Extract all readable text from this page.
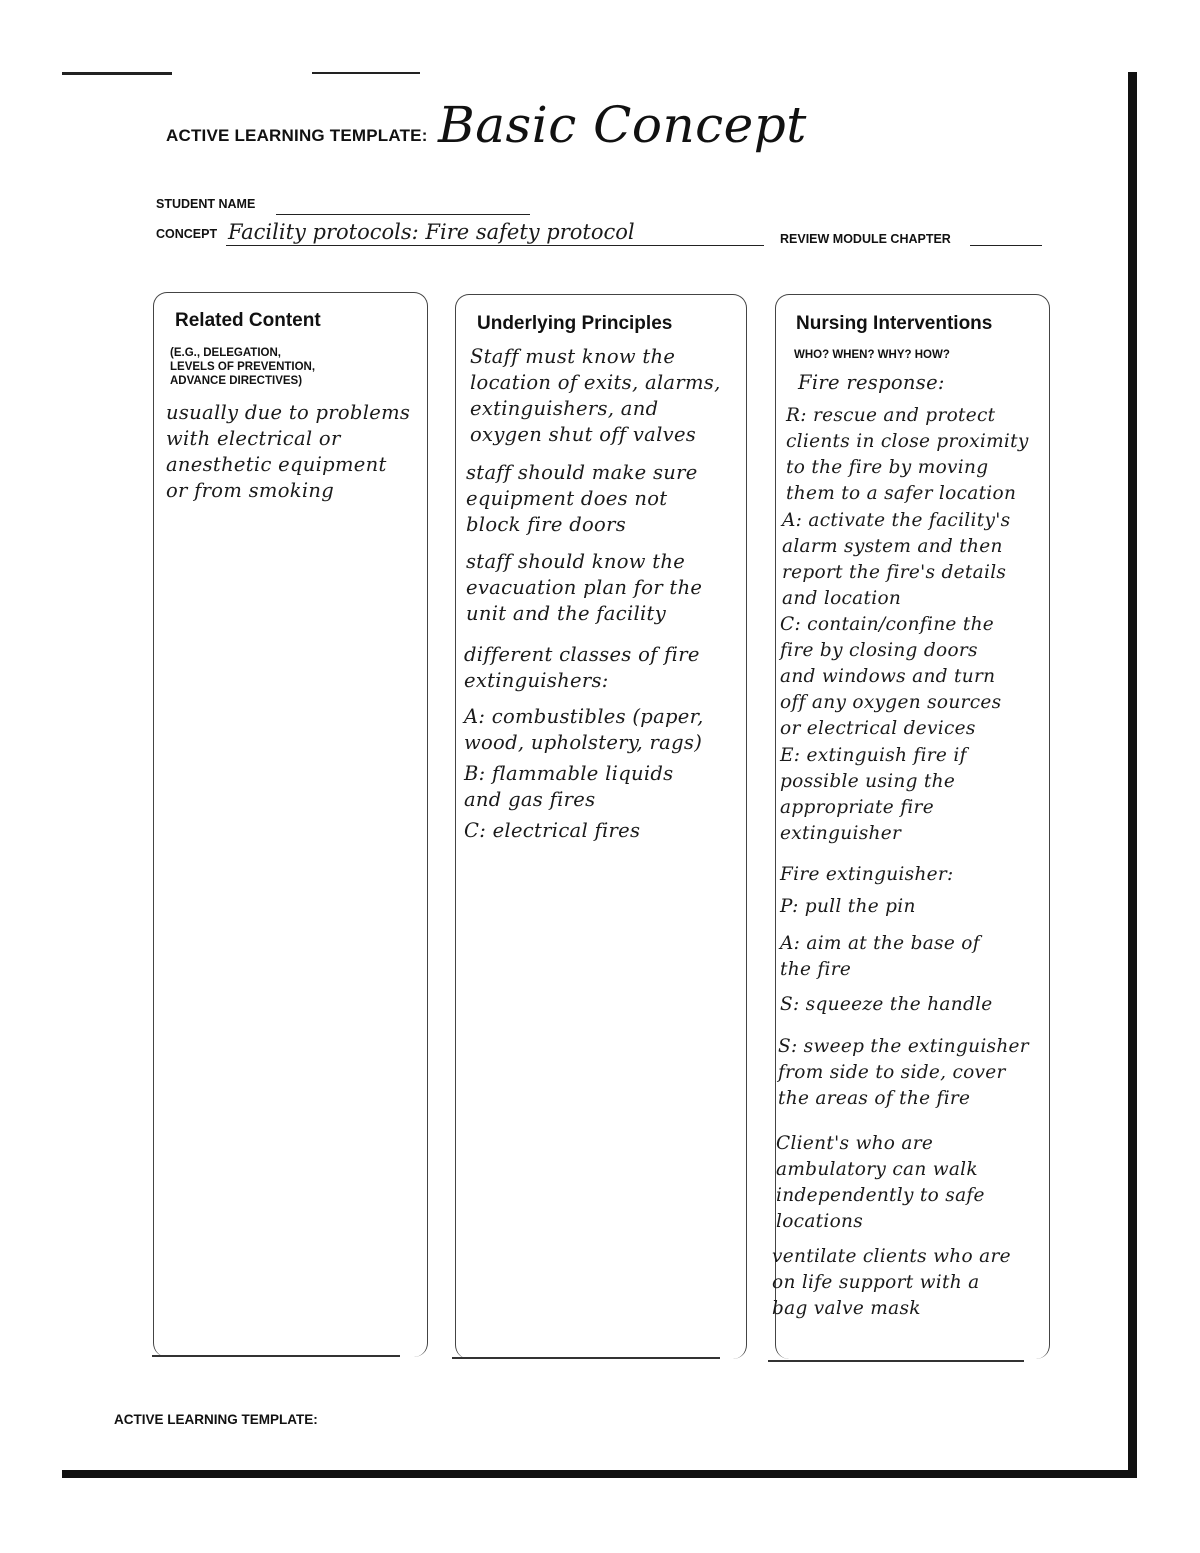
ACTIVE LEARNING TEMPLATE: Basic Concept
STUDENT NAME
CONCEPT Facility protocols: Fire safety protocol	REVIEW MODULE CHAPTER
Related Content
(E.G., DELEGATION,
LEVELS OF PREVENTION,
ADVANCE DIRECTIVES)
usually due to problems
with electrical or
anesthetic equipment
or from smoking
Underlying Principles
Staff must know the
location of exits, alarms,
extinguishers, and
oxygen shut off valves
staff should make sure
equipment does not
block fire doors
staff should know the
evacuation plan for the
unit and the facility
different classes of fire
extinguishers:
A: combustibles (paper,
wood, upholstery, rags)
B: flammable liquids
and gas fires
C: electrical fires
Nursing Interventions
WHO? WHEN? WHY? HOW?
Fire response:
R: rescue and protect
clients in close proximity
to the fire by moving
them to a safer location
A: activate the facility's
alarm system and then
report the fire's details
and location
C: contain/confine the
fire by closing doors
and windows and turn
off any oxygen sources
or electrical devices
E: extinguish fire if
possible using the
appropriate fire
extinguisher
Fire extinguisher:
P: pull the pin
A: aim at the base of
the fire
S: squeeze the handle
S: sweep the extinguisher
from side to side, cover
the areas of the fire
Client's who are
ambulatory can walk
independently to safe
locations
ventilate clients who are
on life support with a
bag valve mask
ACTIVE LEARNING TEMPLATE:
